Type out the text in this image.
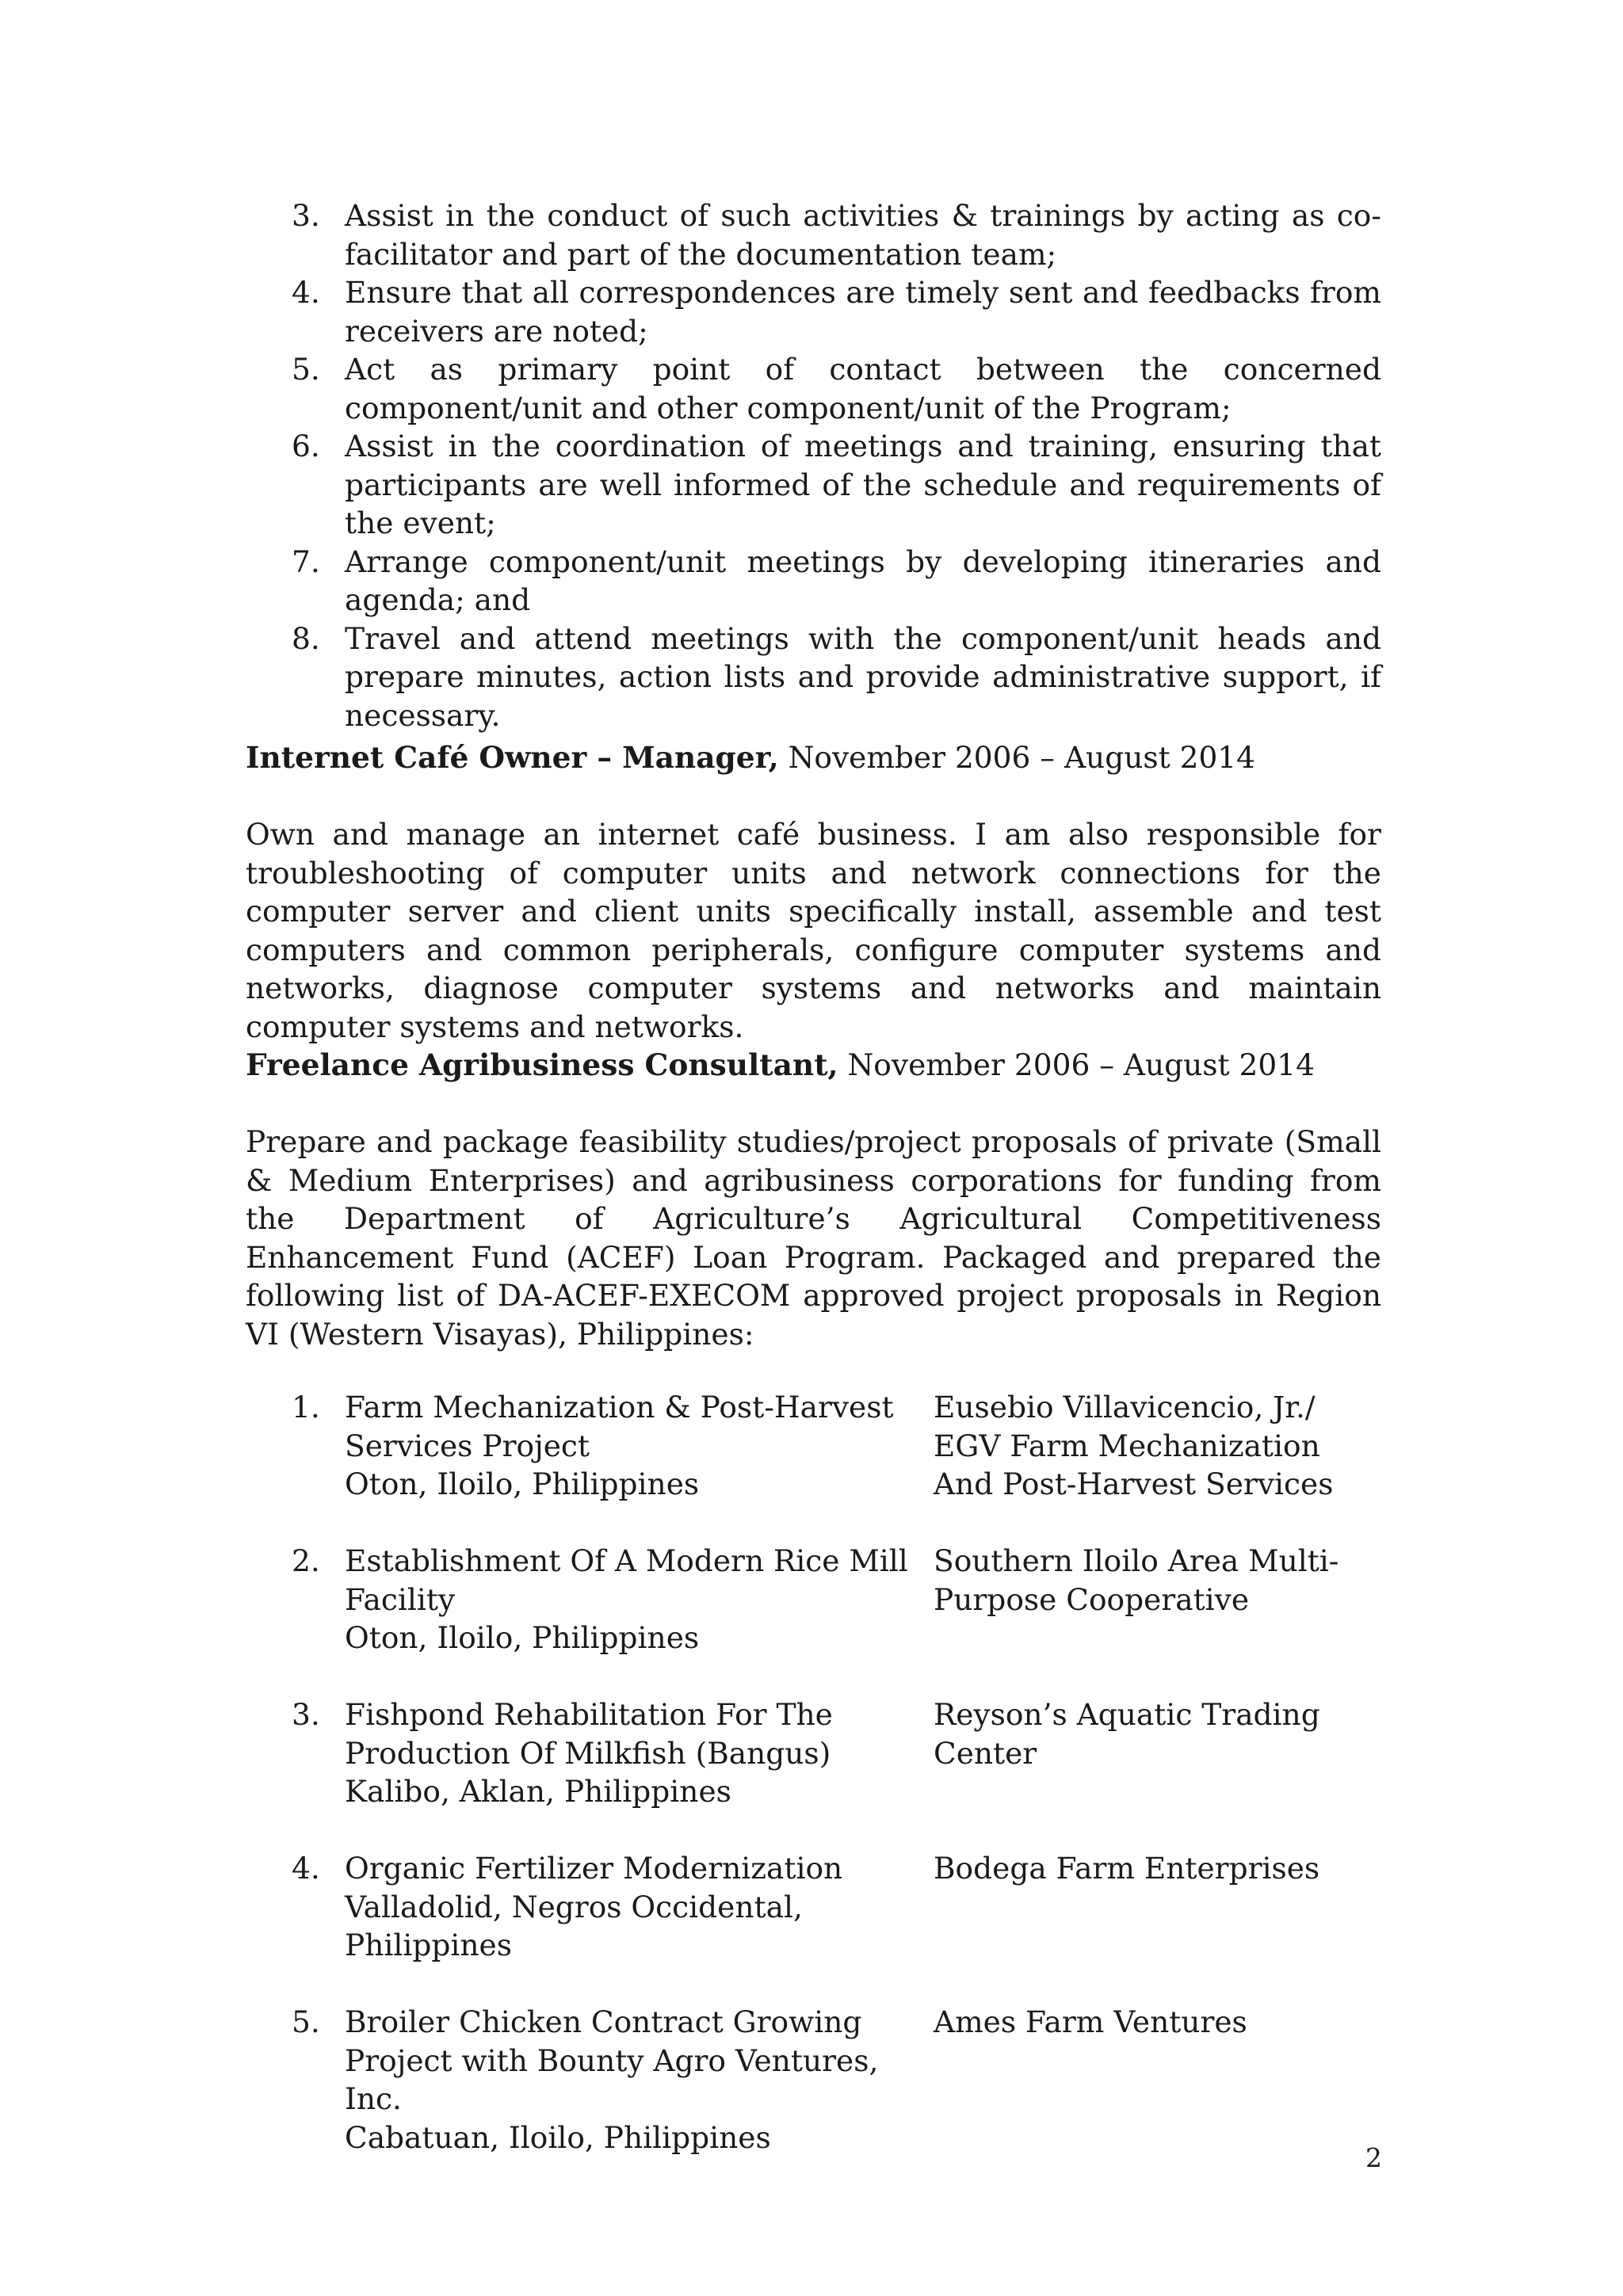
3. Assist in the conduct of such activities & trainings by acting as co-facilitator and part of the documentation team;
4. Ensure that all correspondences are timely sent and feedbacks from receivers are noted;
5. Act as primary point of contact between the concerned component/unit and other component/unit of the Program;
6. Assist in the coordination of meetings and training, ensuring that participants are well informed of the schedule and requirements of the event;
7. Arrange component/unit meetings by developing itineraries and agenda; and
8. Travel and attend meetings with the component/unit heads and prepare minutes, action lists and provide administrative support, if necessary.
Internet Café Owner – Manager, November 2006 – August 2014
Own and manage an internet café business. I am also responsible for troubleshooting of computer units and network connections for the computer server and client units specifically install, assemble and test computers and common peripherals, configure computer systems and networks, diagnose computer systems and networks and maintain computer systems and networks.
Freelance Agribusiness Consultant, November 2006 – August 2014
Prepare and package feasibility studies/project proposals of private (Small & Medium Enterprises) and agribusiness corporations for funding from the Department of Agriculture’s Agricultural Competitiveness Enhancement Fund (ACEF) Loan Program. Packaged and prepared the following list of DA-ACEF-EXECOM approved project proposals in Region VI (Western Visayas), Philippines:
1. Farm Mechanization & Post-Harvest
Services Project
Oton, Iloilo, Philippines
Eusebio Villavicencio, Jr./
EGV Farm Mechanization
And Post-Harvest Services
2. Establishment Of A Modern Rice Mill
Facility
Oton, Iloilo, Philippines
Southern Iloilo Area Multi-
Purpose Cooperative
3. Fishpond Rehabilitation For The
Production Of Milkfish (Bangus)
Kalibo, Aklan, Philippines
Reyson’s Aquatic Trading
Center
4. Organic Fertilizer Modernization
Valladolid, Negros Occidental, Philippines
Bodega Farm Enterprises
5. Broiler Chicken Contract Growing
Project with Bounty Agro Ventures, Inc.
Cabatuan, Iloilo, Philippines
Ames Farm Ventures
2
